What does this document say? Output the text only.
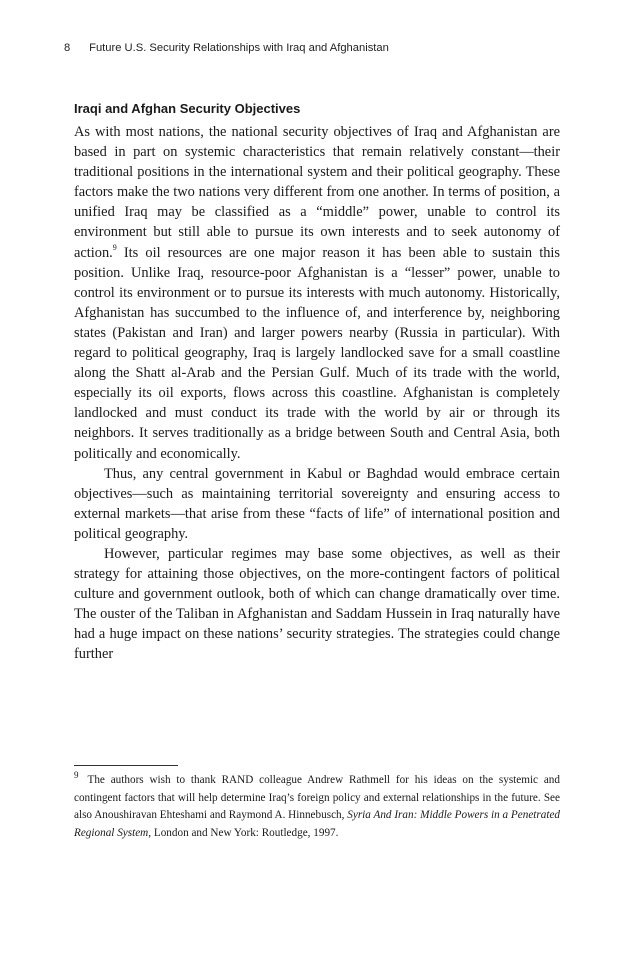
8 Future U.S. Security Relationships with Iraq and Afghanistan
Iraqi and Afghan Security Objectives

As with most nations, the national security objectives of Iraq and Afghanistan are based in part on systemic characteristics that remain relatively constant—their traditional positions in the international system and their political geography. These factors make the two nations very different from one another. In terms of position, a unified Iraq may be classified as a “middle” power, unable to control its environment but still able to pursue its own interests and to seek autonomy of action.$^9$ Its oil resources are one major reason it has been able to sustain this position. Unlike Iraq, resource-poor Afghanistan is a “lesser” power, unable to control its environment or to pursue its interests with much autonomy. Historically, Afghanistan has succumbed to the influence of, and interference by, neighboring states (Pakistan and Iran) and larger powers nearby (Russia in particular). With regard to political geography, Iraq is largely landlocked save for a small coastline along the Shatt al-Arab and the Persian Gulf. Much of its trade with the world, especially its oil exports, flows across this coastline. Afghanistan is completely landlocked and must conduct its trade with the world by air or through its neighbors. It serves traditionally as a bridge between South and Central Asia, both politically and economically.

Thus, any central government in Kabul or Baghdad would embrace certain objectives—such as maintaining territorial sovereignty and ensuring access to external markets—that arise from these “facts of life” of international position and political geography.

However, particular regimes may base some objectives, as well as their strategy for attaining those objectives, on the more-contingent factors of political culture and government outlook, both of which can change dramatically over time. The ouster of the Taliban in Afghanistan and Saddam Hussein in Iraq naturally have had a huge impact on these nations’ security strategies. The strategies could change further

$^9$ The authors wish to thank RAND colleague Andrew Rathmell for his ideas on the systemic and contingent factors that will help determine Iraq’s foreign policy and external relationships in the future. See also Anoushiravan Ehteshami and Raymond A. Hinnebusch, Syria And Iran: Middle Powers in a Penetrated Regional System, London and New York: Routledge, 1997.
